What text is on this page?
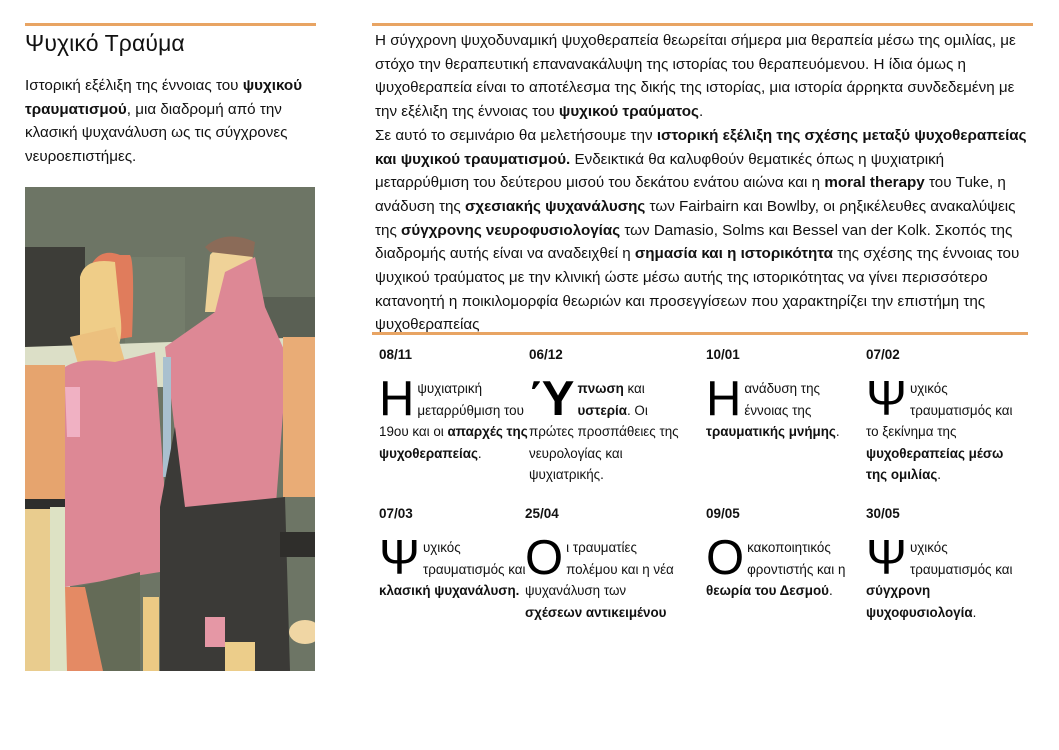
Ψυχικό Τραύμα

Ιστορική εξέλιξη της έννοιας του ψυχικού τραυματισμού, μια διαδρομή από την κλασική ψυχανάλυση ως τις σύγχρονες νευροεπιστήμες.

Η σύγχρονη ψυχοδυναμική ψυχοθεραπεία θεωρείται σήμερα μια θεραπεία μέσω της ομιλίας, με στόχο την θεραπευτική επανανακάλυψη της ιστορίας του θεραπευόμενου. Η ίδια όμως η ψυχοθεραπεία είναι το αποτέλεσμα της δικής της ιστορίας, μια ιστορία άρρηκτα συνδεδεμένη με την εξέλιξη της έννοιας του ψυχικού τραύματος.
Σε αυτό το σεμινάριο θα μελετήσουμε την ιστορική εξέλιξη της σχέσης μεταξύ ψυχοθεραπείας και ψυχικού τραυματισμού. Ενδεικτικά θα καλυφθούν θεματικές όπως η ψυχιατρική μεταρρύθμιση του δεύτερου μισού του δεκάτου ενάτου αιώνα και η moral therapy του Tuke, η ανάδυση της σχεσιακής ψυχανάλυσης των Fairbairn και Bowlby, οι ρηξικέλευθες ανακαλύψεις της σύγχρονης νευροφυσιολογίας των Damasio, Solms και Bessel van der Kolk. Σκοπός της διαδρομής αυτής είναι να αναδειχθεί η σημασία και η ιστορικότητα της σχέσης της έννοιας του ψυχικού τραύματος με την κλινική ώστε μέσω αυτής της ιστορικότητας να γίνει περισσότερο κατανοητή η ποικιλομορφία θεωριών και προσεγγίσεων που χαρακτηρίζει την επιστήμη της ψυχοθεραπείας

08/11
Η ψυχιατρική μεταρρύθμιση του 19ου και οι απαρχές της ψυχοθεραπείας.
06/12
Ύπνωση και υστερία. Οι πρώτες προσπάθειες της νευρολογίας και ψυχιατρικής.
10/01
Η ανάδυση της έννοιας της τραυματικής μνήμης.
07/02
Ψυχικός τραυματισμός και το ξεκίνημα της ψυχοθεραπείας μέσω της ομιλίας.
07/03
Ψυχικός τραυματισμός και κλασική ψυχανάλυση.
25/04
Οι τραυματίες πολέμου και η νέα ψυχανάλυση των σχέσεων αντικειμένου
09/05
Ο κακοποιητικός φροντιστής και η θεωρία του Δεσμού.
30/05
Ψυχικός τραυματισμός και σύγχρονη ψυχοφυσιολογία.
